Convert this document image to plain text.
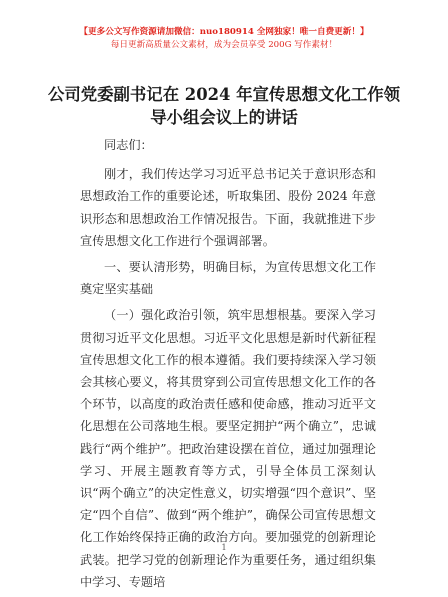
【更多公文写作资源请加微信：nuo180914 全网独家！唯一自费更新！】
每日更新高质量公文素材，成为会员享受 200G 写作素材！
公司党委副书记在 2024 年宣传思想文化工作领导小组会议上的讲话

同志们：

刚才，我们传达学习习近平总书记关于意识形态和思想政治工作的重要论述，听取集团、股份 2024 年意识形态和思想政治工作情况报告。下面，我就推进下步宣传思想文化工作进行个强调部署。

一、要认清形势，明确目标，为宣传思想文化工作奠定坚实基础

（一）强化政治引领，筑牢思想根基。要深入学习贯彻习近平文化思想。习近平文化思想是新时代新征程宣传思想文化工作的根本遵循。我们要持续深入学习领会其核心要义，将其贯穿到公司宣传思想文化工作的各个环节，以高度的政治责任感和使命感，推动习近平文化思想在公司落地生根。要坚定拥护“两个确立”，忠诚践行“两个维护”。把政治建设摆在首位，通过加强理论学习、开展主题教育等方式，引导全体员工深刻认识“两个确立”的决定性意义，切实增强“四个意识”、坚定“四个自信”、做到“两个维护”，确保公司宣传思想文化工作始终保持正确的政治方向。要加强党的创新理论武装。把学习党的创新理论作为重要任务，通过组织集中学习、专题培

1
